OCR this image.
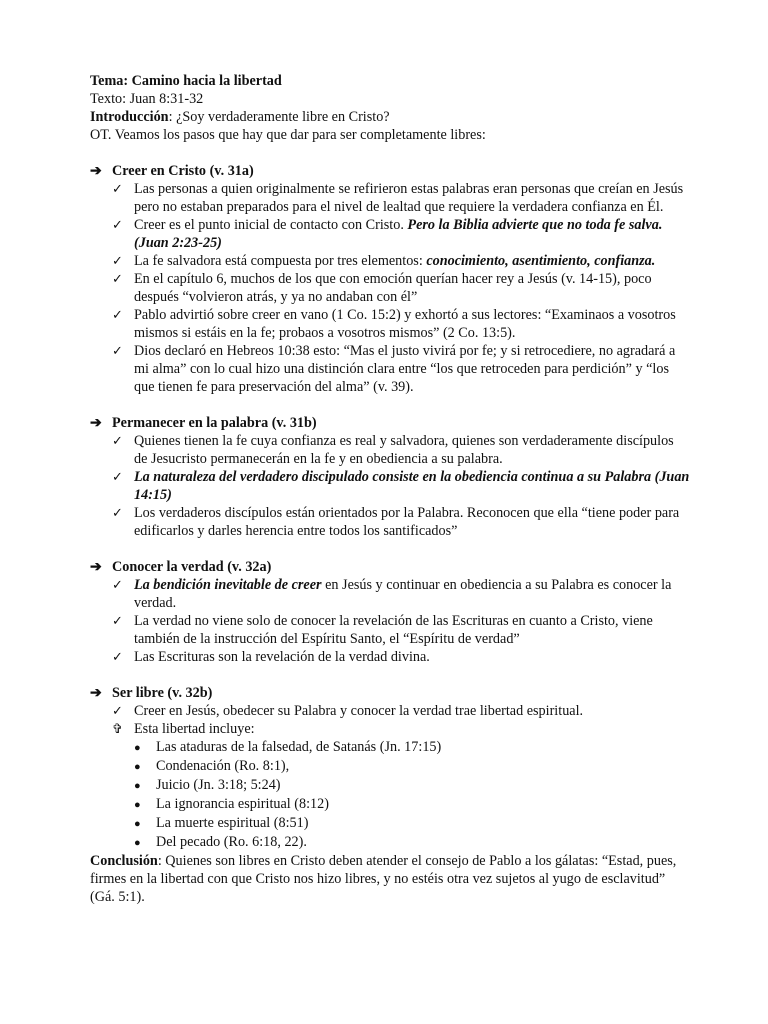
Tema: Camino hacia la libertad

Texto: Juan 8:31-32

Introducción: ¿Soy verdaderamente libre en Cristo?

OT. Veamos los pasos que hay que dar para ser completamente libres:

➔ Creer en Cristo (v. 31a)
✓ Las personas a quien originalmente se refirieron estas palabras eran personas que creían en Jesús pero no estaban preparados para el nivel de lealtad que requiere la verdadera confianza en Él.
✓ Creer es el punto inicial de contacto con Cristo. Pero la Biblia advierte que no toda fe salva. (Juan 2:23-25)
✓ La fe salvadora está compuesta por tres elementos: conocimiento, asentimiento, confianza.
✓ En el capítulo 6, muchos de los que con emoción querían hacer rey a Jesús (v. 14-15), poco después “volvieron atrás, y ya no andaban con él”
✓ Pablo advirtió sobre creer en vano (1 Co. 15:2) y exhortó a sus lectores: “Examinaos a vosotros mismos si estáis en la fe; probaos a vosotros mismos” (2 Co. 13:5).
✓ Dios declaró en Hebreos 10:38 esto: “Mas el justo vivirá por fe; y si retrocediere, no agradará a mi alma” con lo cual hizo una distinción clara entre “los que retroceden para perdición” y “los que tienen fe para preservación del alma” (v. 39).
➔ Permanecer en la palabra (v. 31b)
✓ Quienes tienen la fe cuya confianza es real y salvadora, quienes son verdaderamente discípulos de Jesucristo permanecerán en la fe y en obediencia a su palabra.
✓ La naturaleza del verdadero discipulado consiste en la obediencia continua a su Palabra (Juan 14:15)
✓ Los verdaderos discípulos están orientados por la Palabra. Reconocen que ella “tiene poder para edificarlos y darles herencia entre todos los santificados”
➔ Conocer la verdad (v. 32a)
✓ La bendición inevitable de creer en Jesús y continuar en obediencia a su Palabra es conocer la verdad.
✓ La verdad no viene solo de conocer la revelación de las Escrituras en cuanto a Cristo, viene también de la instrucción del Espíritu Santo, el “Espíritu de verdad”
✓ Las Escrituras son la revelación de la verdad divina.
➔ Ser libre (v. 32b)
✓ Creer en Jesús, obedecer su Palabra y conocer la verdad trae libertad espiritual.
✞ Esta libertad incluye:
●	Las ataduras de la falsedad, de Satanás (Jn. 17:15)
●	Condenación (Ro. 8:1),
●	Juicio (Jn. 3:18; 5:24)
●	La ignorancia espiritual (8:12)
●	La muerte espiritual (8:51)
●	Del pecado (Ro. 6:18, 22).

Conclusión: Quienes son libres en Cristo deben atender el consejo de Pablo a los gálatas: “Estad, pues, firmes en la libertad con que Cristo nos hizo libres, y no estéis otra vez sujetos al yugo de esclavitud” (Gá. 5:1).
